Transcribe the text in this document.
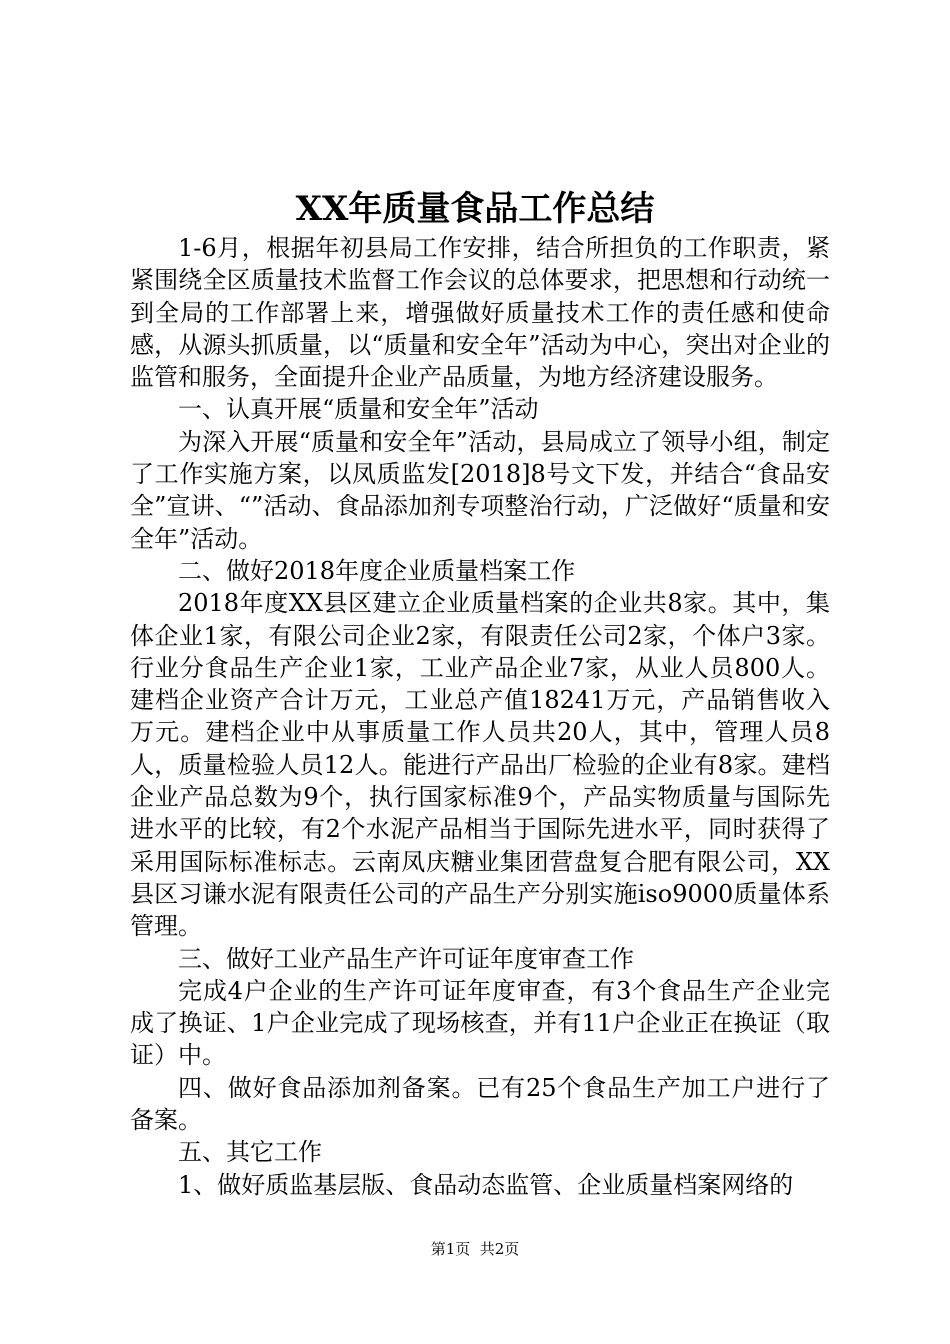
XX年质量食品工作总结

1-6月，根据年初县局工作安排，结合所担负的工作职责，紧紧围绕全区质量技术监督工作会议的总体要求，把思想和行动统一到全局的工作部署上来，增强做好质量技术工作的责任感和使命感，从源头抓质量，以“质量和安全年”活动为中心，突出对企业的监管和服务，全面提升企业产品质量，为地方经济建设服务。

一、认真开展“质量和安全年”活动

为深入开展“质量和安全年”活动，县局成立了领导小组，制定了工作实施方案，以凤质监发[2018]8号文下发，并结合“食品安全”宣讲、“”活动、食品添加剂专项整治行动，广泛做好“质量和安全年”活动。

二、做好2018年度企业质量档案工作

2018年度XX县区建立企业质量档案的企业共8家。其中，集体企业1家，有限公司企业2家，有限责任公司2家，个体户3家。行业分食品生产企业1家，工业产品企业7家，从业人员800人。建档企业资产合计万元，工业总产值18241万元，产品销售收入万元。建档企业中从事质量工作人员共20人，其中，管理人员8人，质量检验人员12人。能进行产品出厂检验的企业有8家。建档企业产品总数为9个，执行国家标准9个，产品实物质量与国际先进水平的比较，有2个水泥产品相当于国际先进水平，同时获得了采用国际标准标志。云南凤庆糖业集团营盘复合肥有限公司，XX县区习谦水泥有限责任公司的产品生产分别实施iso9000质量体系管理。

三、做好工业产品生产许可证年度审查工作

完成4户企业的生产许可证年度审查，有3个食品生产企业完成了换证、1户企业完成了现场核查，并有11户企业正在换证（取证）中。

四、做好食品添加剂备案。已有25个食品生产加工户进行了备案。

五、其它工作

1、做好质监基层版、食品动态监管、企业质量档案网络的

第1页  共2页
